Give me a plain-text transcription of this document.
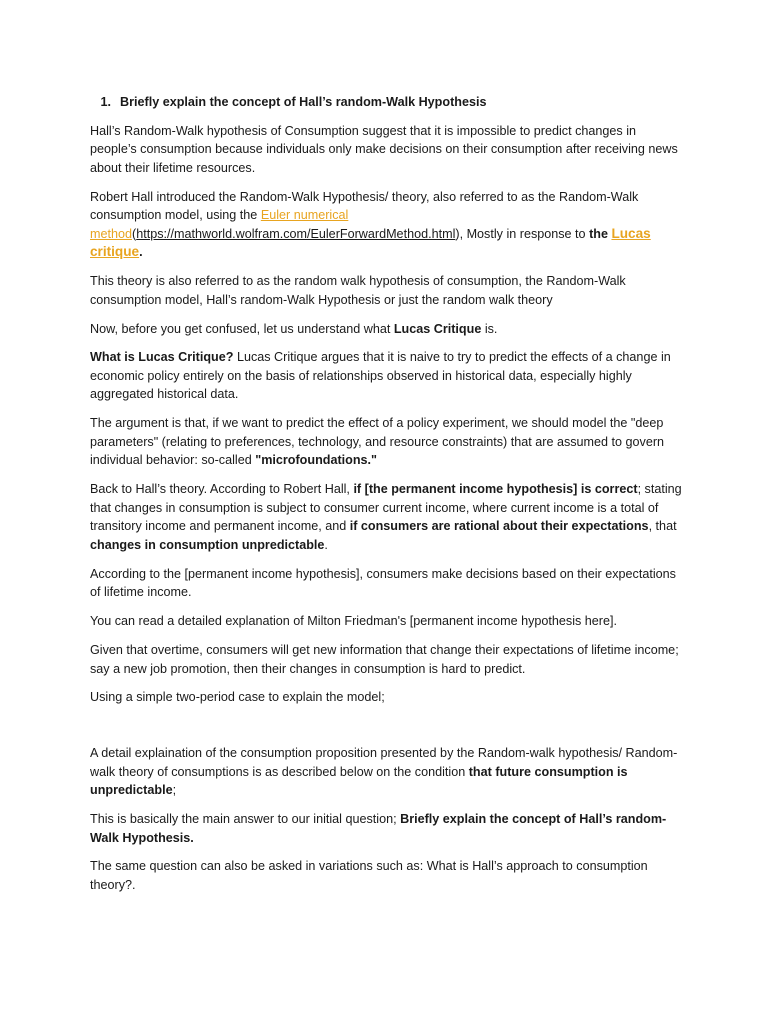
1. Briefly explain the concept of Hall’s random-Walk Hypothesis

Hall’s Random-Walk hypothesis of Consumption suggest that it is impossible to predict changes in people’s consumption because individuals only make decisions on their consumption after receiving news about their lifetime resources.

Robert Hall introduced the Random-Walk Hypothesis/ theory, also referred to as the Random-Walk consumption model, using the Euler numerical method(https://mathworld.wolfram.com/EulerForwardMethod.html), Mostly in response to the Lucas critique.

This theory is also referred to as the random walk hypothesis of consumption, the Random-Walk consumption model, Hall’s random-Walk Hypothesis or just the random walk theory

Now, before you get confused, let us understand what Lucas Critique is.

What is Lucas Critique? Lucas Critique argues that it is naive to try to predict the effects of a change in economic policy entirely on the basis of relationships observed in historical data, especially highly aggregated historical data.

The argument is that, if we want to predict the effect of a policy experiment, we should model the "deep parameters" (relating to preferences, technology, and resource constraints) that are assumed to govern individual behavior: so-called "microfoundations."

Back to Hall’s theory. According to Robert Hall, if [the permanent income hypothesis] is correct; stating that changes in consumption is subject to consumer current income, where current income is a total of transitory income and permanent income, and if consumers are rational about their expectations, that changes in consumption unpredictable.

According to the [permanent income hypothesis], consumers make decisions based on their expectations of lifetime income.

You can read a detailed explanation of Milton Friedman's [permanent income hypothesis here].

Given that overtime, consumers will get new information that change their expectations of lifetime income; say a new job promotion, then their changes in consumption is hard to predict.

Using a simple two-period case to explain the model;

A detail explaination of the consumption proposition presented by the Random-walk hypothesis/ Random-walk theory of consumptions is as described below on the condition that future consumption is unpredictable;

This is basically the main answer to our initial question; Briefly explain the concept of Hall’s random-Walk Hypothesis.

The same question can also be asked in variations such as: What is Hall’s approach to consumption theory?.
